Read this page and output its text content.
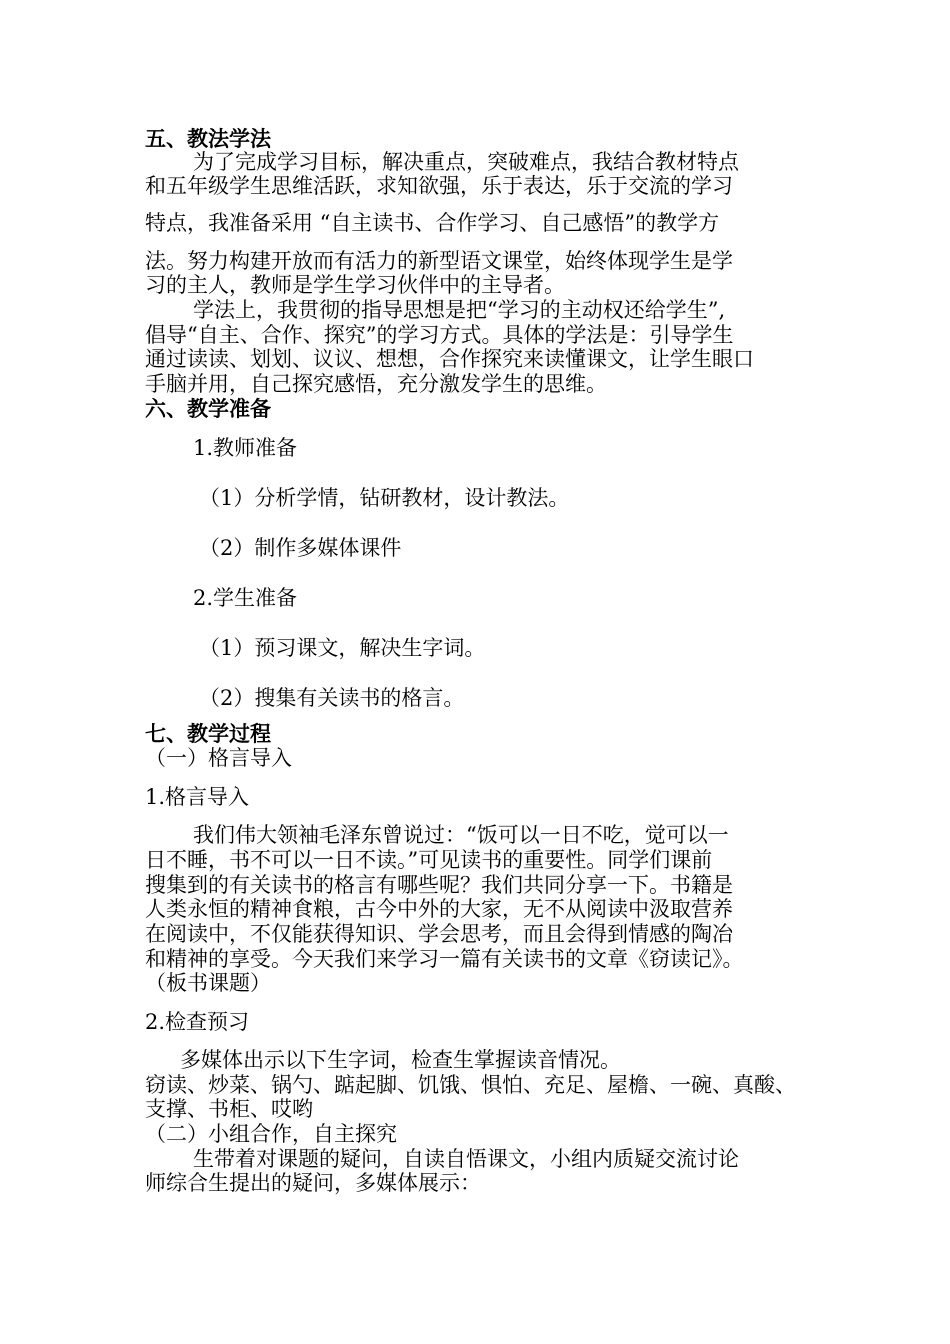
五、教法学法
为了完成学习目标，解决重点，突破难点，我结合教材特点
和五年级学生思维活跃，求知欲强，乐于表达，乐于交流的学习
特点，我准备采用 “自主读书、合作学习、自己感悟”的教学方
法。努力构建开放而有活力的新型语文课堂，始终体现学生是学
习的主人，教师是学生学习伙伴中的主导者。
学法上，我贯彻的指导思想是把“学习的主动权还给学生”,
倡导“自主、合作、探究”的学习方式。具体的学法是：引导学生
通过读读、划划、议议、想想，合作探究来读懂课文，让学生眼口
手脑并用，自己探究感悟，充分激发学生的思维。
六、教学准备
1.教师准备
（1）分析学情，钻研教材，设计教法。
（2）制作多媒体课件
2.学生准备
（1）预习课文，解决生字词。
（2）搜集有关读书的格言。
七、教学过程
（一）格言导入
1.格言导入
我们伟大领袖毛泽东曾说过：“饭可以一日不吃，觉可以一
日不睡，书不可以一日不读。”可见读书的重要性。同学们课前
搜集到的有关读书的格言有哪些呢？我们共同分享一下。书籍是
人类永恒的精神食粮，古今中外的大家，无不从阅读中汲取营养
在阅读中，不仅能获得知识、学会思考，而且会得到情感的陶冶
和精神的享受。今天我们来学习一篇有关读书的文章《窃读记》。
（板书课题）
2.检查预习
多媒体出示以下生字词，检查生掌握读音情况。
窃读、炒菜、锅勺、踮起脚、饥饿、惧怕、充足、屋檐、一碗、真酸、
支撑、书柜、哎哟
（二）小组合作，自主探究
生带着对课题的疑问，自读自悟课文，小组内质疑交流讨论
师综合生提出的疑问，多媒体展示：
